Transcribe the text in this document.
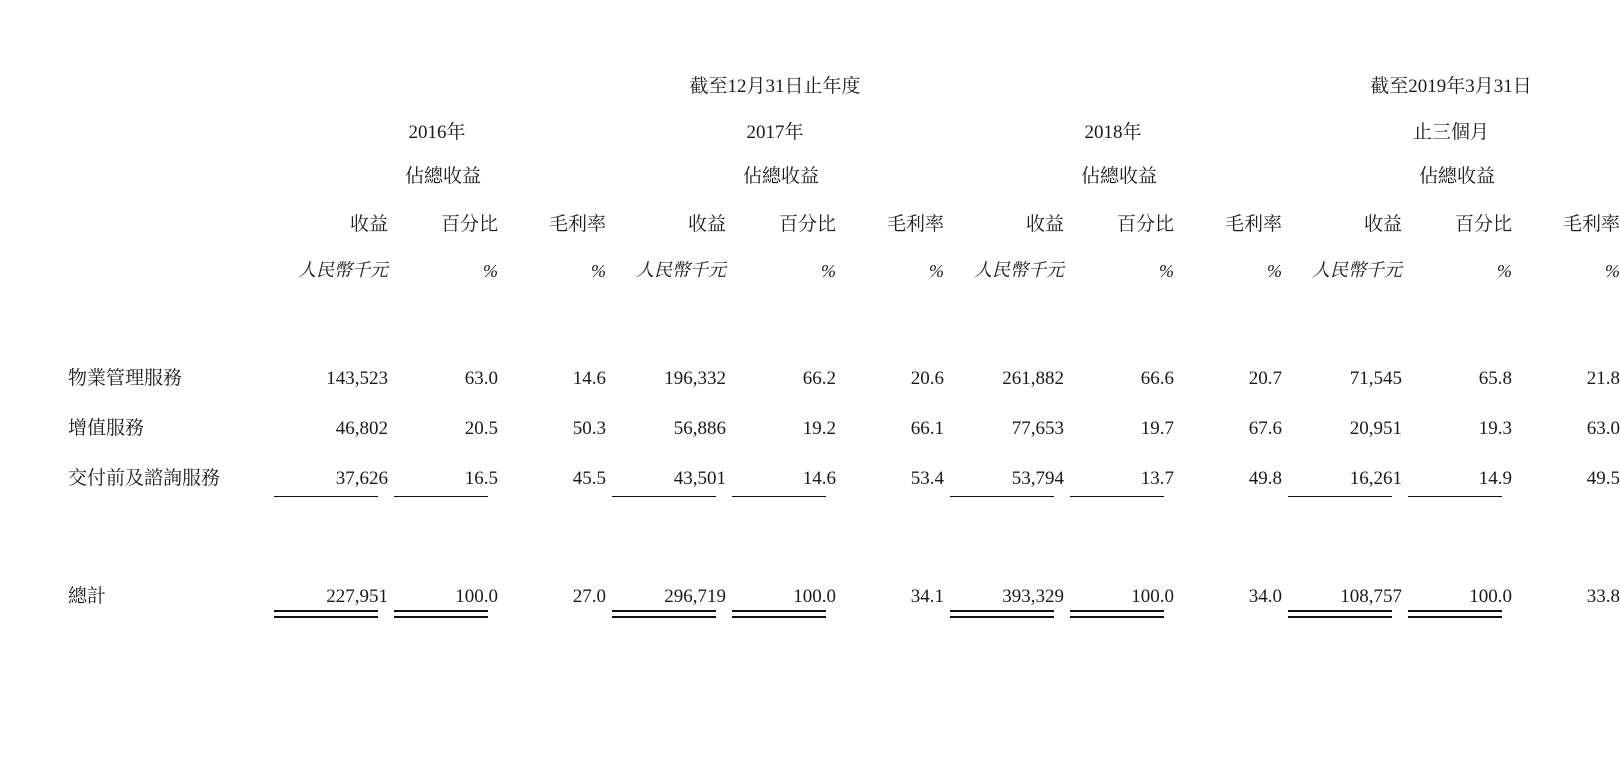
	截至12月31日止年度									截至2019年3月31日		
	2016年			2017年			2018年			止三個月		
		佔總收益			佔總收益			佔總收益			佔總收益	
	收益	百分比	毛利率	收益	百分比	毛利率	收益	百分比	毛利率	收益	百分比	毛利率
	人民幣千元	%	%	人民幣千元	%	%	人民幣千元	%	%	人民幣千元	%	%

物業管理服務	143,523	63.0	14.6	196,332	66.2	20.6	261,882	66.6	20.7	71,545	65.8	21.8
增值服務	46,802	20.5	50.3	56,886	19.2	66.1	77,653	19.7	67.6	20,951	19.3	63.0
交付前及諮詢服務	37,626	16.5	45.5	43,501	14.6	53.4	53,794	13.7	49.8	16,261	14.9	49.5

總計	227,951	100.0	27.0	296,719	100.0	34.1	393,329	100.0	34.0	108,757	100.0	33.8
